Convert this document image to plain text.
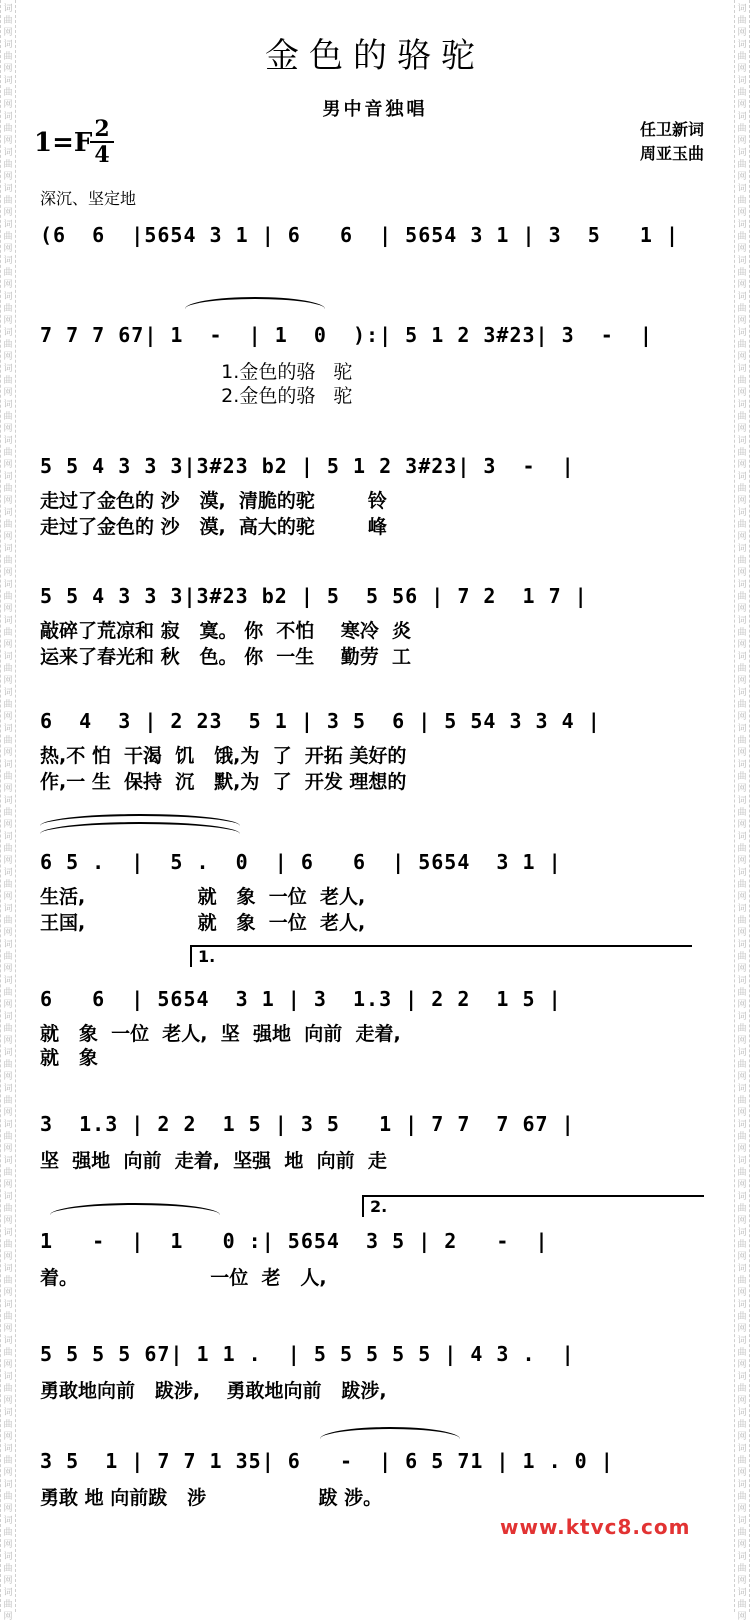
词
曲
网
词
曲
网
词
曲
网
词
曲
网
词
曲
网
词
曲
网
词
曲
网
词
曲
网
词
曲
网
词
曲
网
词
曲
网
词
曲
网
词
曲
网
词
曲
网
词
曲
网
词
曲
网
词
曲
网
词
曲
网
词
曲
网
词
曲
网
词
曲
网
词
曲
网
词
曲
网
词
曲
网
词
曲
网
词
曲
网
词
曲
网
词
曲
网
词
曲
网
词
曲
网
词
曲
网
词
曲
网
词
曲
网
词
曲
网
词
曲
网
词
曲
网
词
曲
网
词
曲
网
词
曲
网
词
曲
网
词
曲
网
词
曲
网
词
曲
网
词
曲
网
词
曲
网
词
曲
网
词
曲
网
词
曲
网
词
曲
网
词
曲
网
词
曲
网
词
曲
网
词
曲
网
词
曲
网
词
曲
网
词
曲
网
词
曲
网
词
曲
网
词
曲
网
词
曲
网
词
曲
网
词
曲
网
词
曲
网
词
曲
网
词
曲
网
词
曲
网
词
曲
网
词
曲
网
词
曲
网
词
曲
网
词
曲
网
词
曲
网
词
曲
网
词
曲
网
词
曲
网
词
曲
网
词
曲
网
词
曲
网
词
曲
网
词
曲
网
词
曲
网
词
曲
网
词
曲
网
词
曲
网
词
曲
网
词
曲
网
词
曲
网
词
曲
网
词
曲
网
词
曲
网
金色的骆驼
男中音独唱
1=F 2
4
任卫新词
周亚玉曲
深沉、坚定地
(6  6  |5654 3 1 | 6   6  | 5654 3 1 | 3  5   1 |
7 7 7 67| 1  -  | 1  0  ):| 5 1 2 3#23| 3  -  |
1.金色的骆   驼
2.金色的骆   驼
5 5 4 3 3 3|3#23 b2 | 5 1 2 3#23| 3  -  |
走过了金色的 沙   漠,  清脆的驼        铃
走过了金色的 沙   漠,  高大的驼        峰
5 5 4 3 3 3|3#23 b2 | 5  5 56 | 7 2  1 7 |
敲碎了荒凉和 寂   寞。 你  不怕    寒冷  炎
运来了春光和 秋   色。 你  一生    勤劳  工
6  4  3 | 2 23  5 1 | 3 5  6 | 5 54 3 3 4 |
热,不 怕  干渴  饥   饿,为  了  开拓 美好的
作,一 生  保持  沉   默,为  了  开发 理想的
6 5 .  |  5 .  0  | 6   6  | 5654  3 1 |
生活,                 就   象  一位  老人,
王国,                 就   象  一位  老人,
1.
6   6  | 5654  3 1 | 3  1.3 | 2 2  1 5 |
就   象  一位  老人,  坚  强地  向前  走着,
就   象
3  1.3 | 2 2  1 5 | 3 5   1 | 7 7  7 67 |
坚  强地  向前  走着,  坚强  地  向前  走
2.
1   -  |  1   0 :| 5654  3 5 | 2   -  |
着。                    一位  老   人,
5 5 5 5 67| 1 1 .  | 5 5 5 5 5 | 4 3 .  |
勇敢地向前   跋涉,    勇敢地向前   跋涉,
3 5  1 | 7 7 1 35| 6   -  | 6 5 71 | 1 . 0 |
勇敢 地 向前跋   涉                 跋 涉。
www.ktvc8.com
